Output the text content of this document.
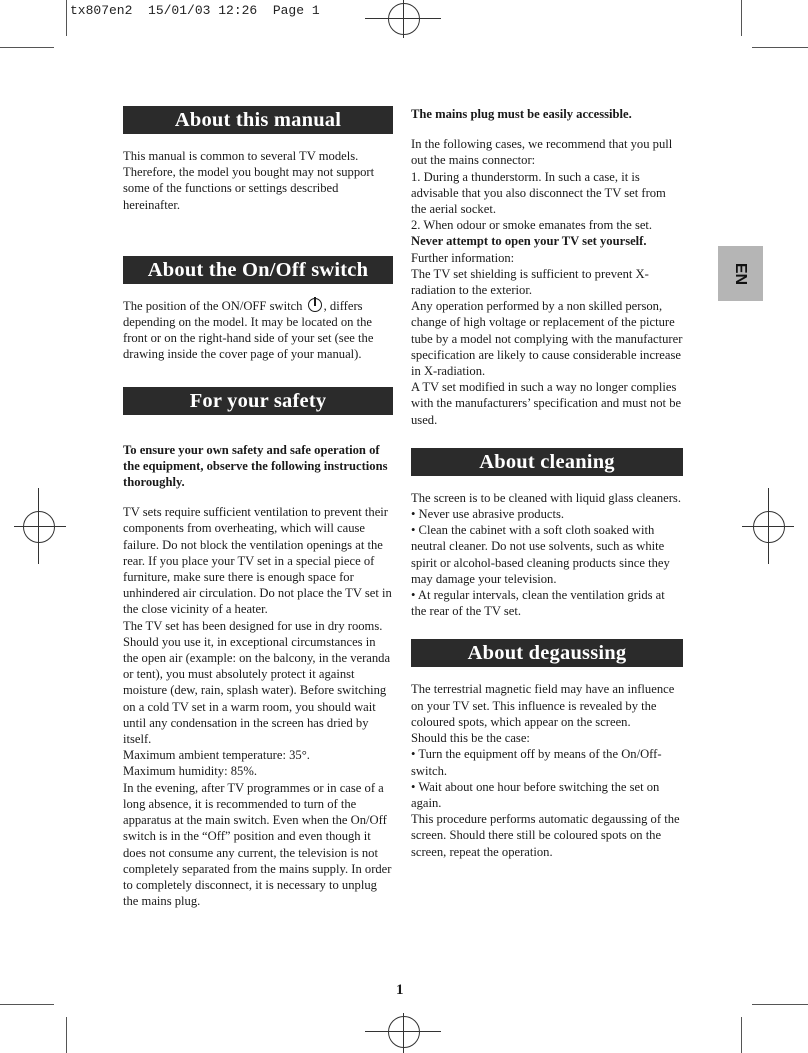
tx807en2  15/01/03 12:26  Page 1
EN
About this manual

This manual is common to several TV models. Therefore, the model you bought may not support some of the functions or settings described hereinafter.

About the On/Off switch

The position of the ON/OFF switch , differs depending on the model. It may be located on the front or on the right-hand side of your set (see the drawing inside the cover page of your manual).

For your safety

To ensure your own safety and safe operation of the equipment, observe the following instructions thoroughly.

TV sets require sufficient ventilation to prevent their components from overheating, which will cause failure. Do not block the ventilation openings at the rear. If you place your TV set in a special piece of furniture, make sure there is enough space for unhindered air circulation. Do not place the TV set in the close vicinity of a heater.

The TV set has been designed for use in dry rooms. Should you use it, in exceptional circumstances in the open air (example: on the balcony, in the veranda or tent), you must absolutely protect it against moisture (dew, rain, splash water). Before switching on a cold TV set in a warm room, you should wait until any condensation in the screen has dried by itself.

Maximum ambient temperature: 35°.

Maximum humidity: 85%.

In the evening, after TV programmes or in case of a long absence, it is recommended to turn of the apparatus at the main switch. Even when the On/Off switch is in the “Off” position and even though it does not consume any current, the television is not completely separated from the mains supply. In order to completely disconnect, it is necessary to unplug the mains plug.

The mains plug must be easily accessible.

In the following cases, we recommend that you pull out the mains connector:

1. During a thunderstorm. In such a case, it is advisable that you also disconnect the TV set from the aerial socket.

2. When odour or smoke emanates from the set.

Never attempt to open your TV set yourself.

Further information:

The TV set shielding is sufficient to prevent X-radiation to the exterior.

Any operation performed by a non skilled person, change of high voltage or replacement of the picture tube by a model not complying with the manufacturer specification are likely to cause considerable increase in X-radiation.

A TV set modified in such a way no longer complies with the manufacturers’ specification and must not be used.

About cleaning

The screen is to be cleaned with liquid glass cleaners.

• Never use abrasive products.

• Clean the cabinet with a soft cloth soaked with neutral cleaner. Do not use solvents, such as white spirit or alcohol-based cleaning products since they may damage your television.

• At regular intervals, clean the ventilation grids at the rear of the TV set.

About degaussing

The terrestrial magnetic field may have an influence on your TV set. This influence is revealed by the coloured spots, which appear on the screen.

Should this be the case:

• Turn the equipment off by means of the On/Off-switch.

• Wait about one hour before switching the set on again.

This procedure performs automatic degaussing of the screen. Should there still be coloured spots on the screen, repeat the operation.

1
